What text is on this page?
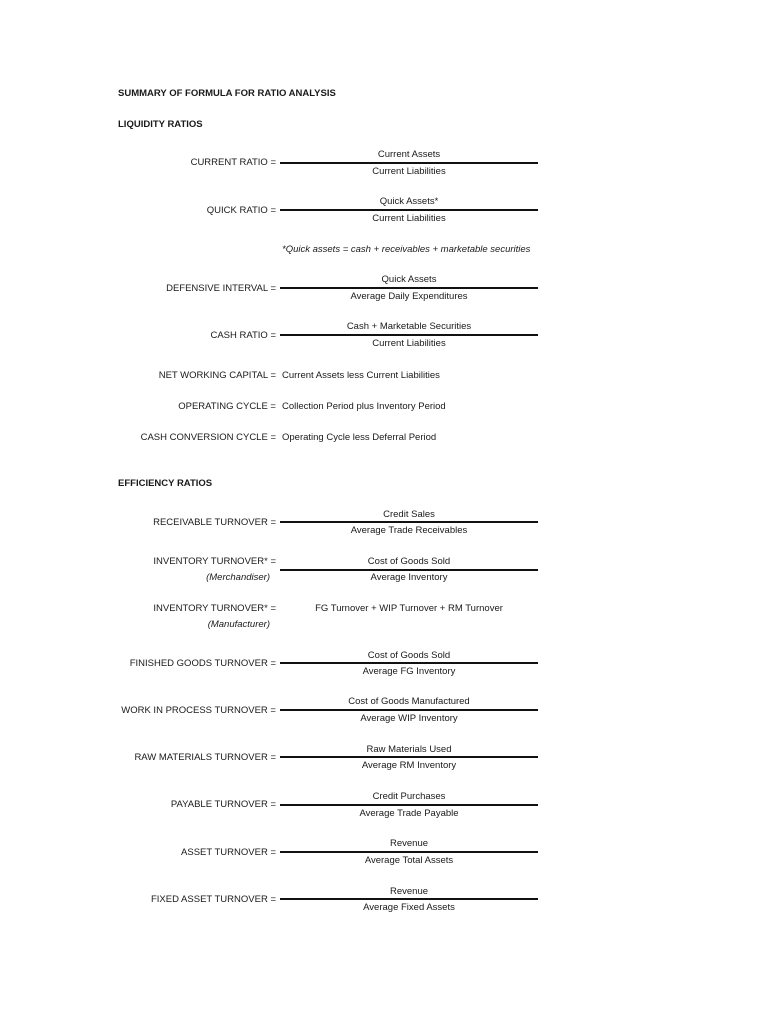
SUMMARY OF FORMULA FOR RATIO ANALYSIS
LIQUIDITY RATIOS
CURRENT RATIO =
Current Assets
Current Liabilities
QUICK RATIO =
Quick Assets*
Current Liabilities
*Quick assets = cash + receivables + marketable securities
DEFENSIVE INTERVAL =
Quick Assets
Average Daily Expenditures
CASH RATIO =
Cash + Marketable Securities
Current Liabilities
NET WORKING CAPITAL = Current Assets less Current Liabilities
OPERATING CYCLE = Collection Period plus Inventory Period
CASH CONVERSION CYCLE = Operating Cycle less Deferral Period
EFFICIENCY RATIOS
RECEIVABLE TURNOVER =
Credit Sales
Average Trade Receivables
INVENTORY TURNOVER* =
(Merchandiser)
Cost of Goods Sold
Average Inventory
INVENTORY TURNOVER* =
(Manufacturer)
FG Turnover + WIP Turnover + RM Turnover
FINISHED GOODS TURNOVER =
Cost of Goods Sold
Average FG Inventory
WORK IN PROCESS TURNOVER =
Cost of Goods Manufactured
Average WIP Inventory
RAW MATERIALS TURNOVER =
Raw Materials Used
Average RM Inventory
PAYABLE TURNOVER =
Credit Purchases
Average Trade Payable
ASSET TURNOVER =
Revenue
Average Total Assets
FIXED ASSET TURNOVER =
Revenue
Average Fixed Assets
